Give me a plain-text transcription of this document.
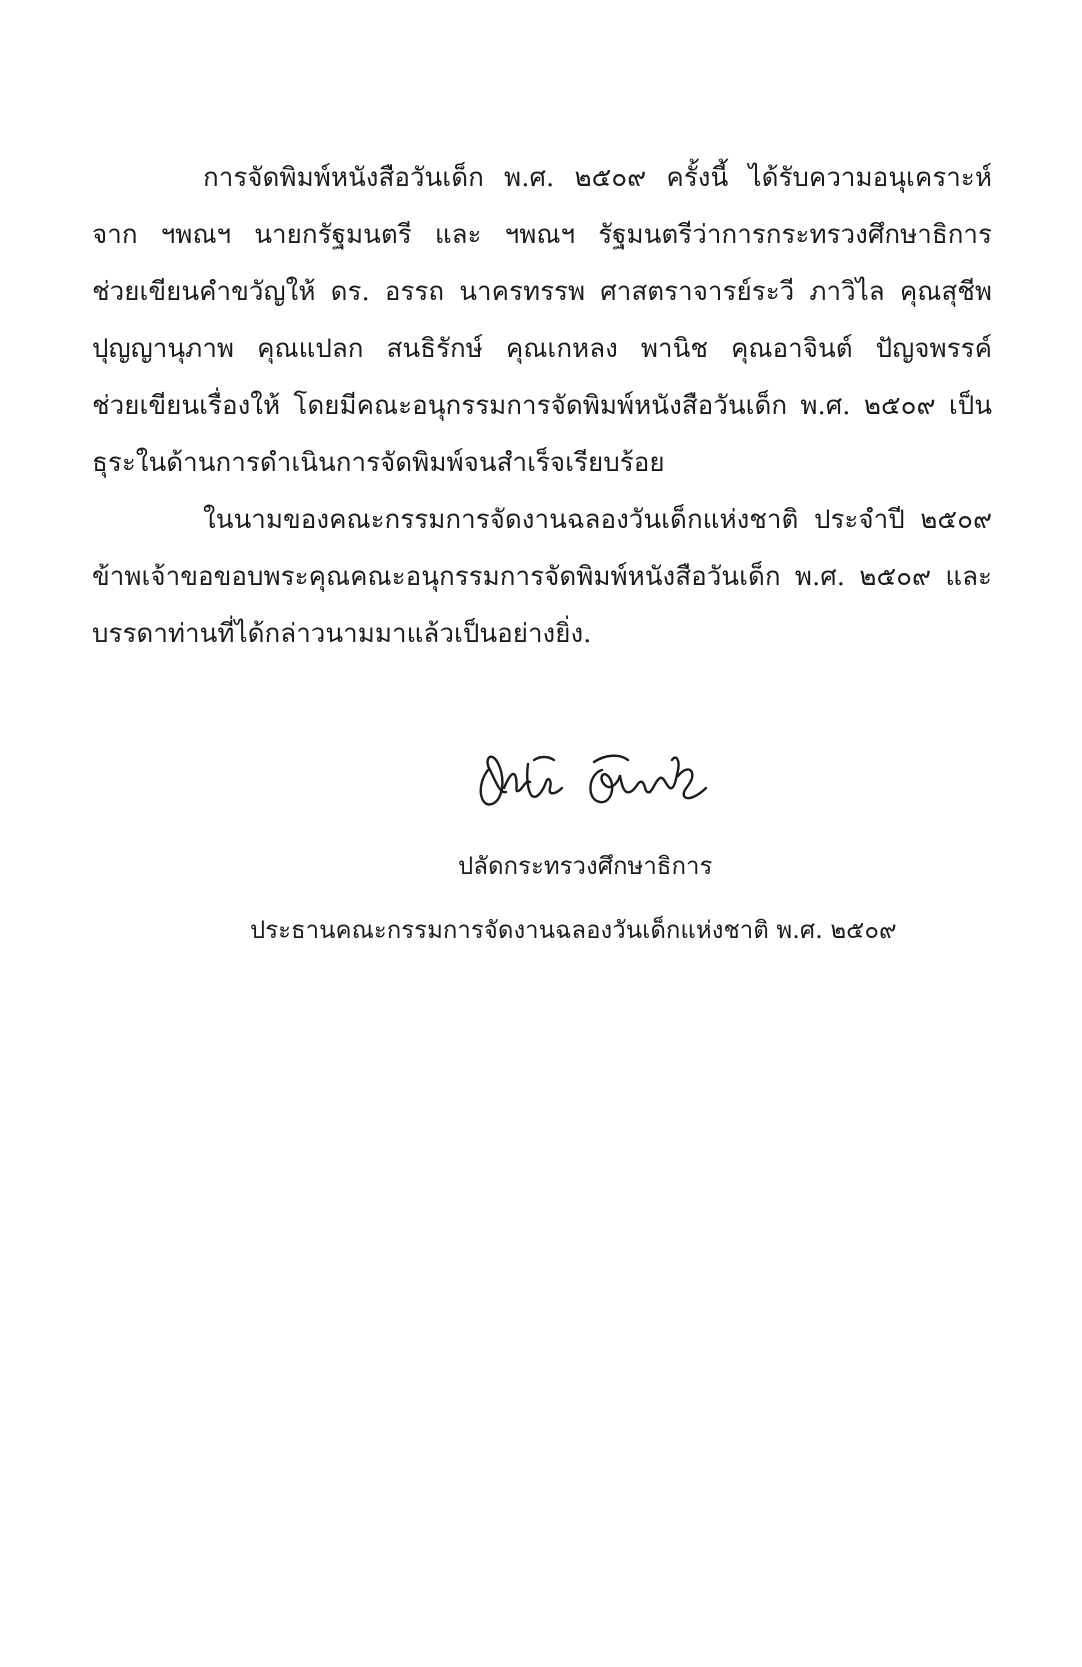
การจัดพิมพ์หนังสือวันเด็ก พ.ศ. ๒๕๐๙ ครั้งนี้ ได้รับความอนุเคราะห์
จาก ฯพณฯ นายกรัฐมนตรี และ ฯพณฯ รัฐมนตรีว่าการกระทรวงศึกษาธิการ
ช่วยเขียนคำขวัญให้ ดร. อรรถ นาครทรรพ ศาสตราจารย์ระวี ภาวิไล คุณสุชีพ
ปุญญานุภาพ คุณแปลก สนธิรักษ์ คุณเกหลง พานิช คุณอาจินต์ ปัญจพรรค์
ช่วยเขียนเรื่องให้ โดยมีคณะอนุกรรมการจัดพิมพ์หนังสือวันเด็ก พ.ศ. ๒๕๐๙ เป็น
ธุระในด้านการดำเนินการจัดพิมพ์จนสำเร็จเรียบร้อย
ในนามของคณะกรรมการจัดงานฉลองวันเด็กแห่งชาติ ประจำปี ๒๕๐๙
ข้าพเจ้าขอขอบพระคุณคณะอนุกรรมการจัดพิมพ์หนังสือวันเด็ก พ.ศ. ๒๕๐๙ และ
บรรดาท่านที่ได้กล่าวนามมาแล้วเป็นอย่างยิ่ง.
ปลัดกระทรวงศึกษาธิการ
ประธานคณะกรรมการจัดงานฉลองวันเด็กแห่งชาติ พ.ศ. ๒๕๐๙
